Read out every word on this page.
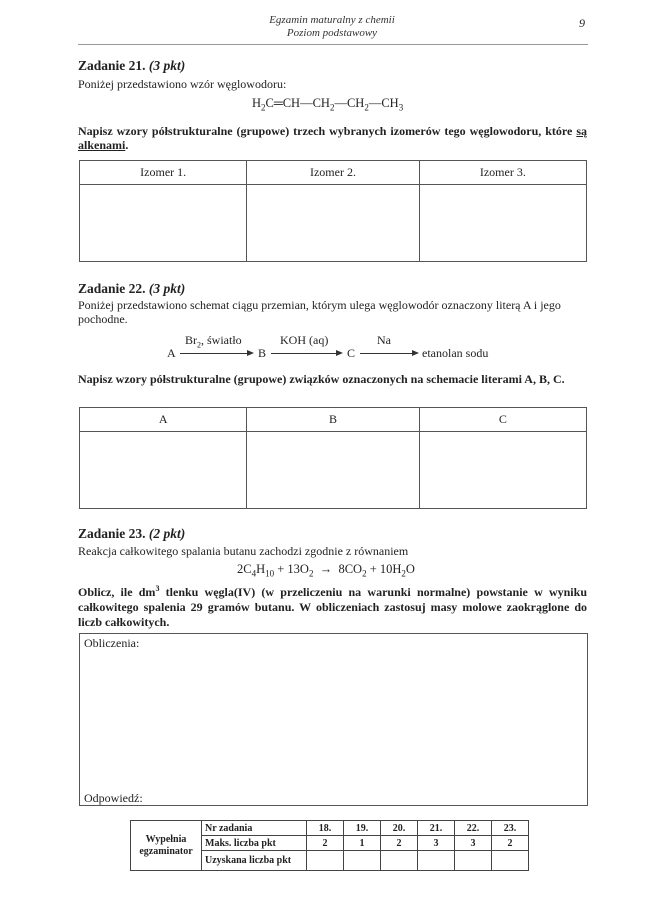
Egzamin maturalny z chemii
Poziom podstawowy
9
Zadanie 21. (3 pkt)
Poniżej przedstawiono wzór węglowodoru:
$H_2C═CH—CH_2—CH_2—CH_3$
Napisz wzory półstrukturalne (grupowe) trzech wybranych izomerów tego węglowodoru, które są alkenami.
Izomer 1.	Izomer 2.	Izomer 3.

Zadanie 22. (3 pkt)
Poniżej przedstawiono schemat ciągu przemian, którym ulega węglowodór oznaczony literą A i jego pochodne.
$Br_2$, światło	KOH (aq)	Na
A	B	C	etanolan sodu
Napisz wzory półstrukturalne (grupowe) związków oznaczonych na schemacie literami A, B, C.
A	B	C

Zadanie 23. (2 pkt)
Reakcja całkowitego spalania butanu zachodzi zgodnie z równaniem
$2C_4H_{10} + 13O_2 \to 8CO_2 + 10H_2O$
Oblicz, ile $dm^3$ tlenku węgla(IV) (w przeliczeniu na warunki normalne) powstanie w wyniku całkowitego spalenia 29 gramów butanu. W obliczeniach zastosuj masy molowe zaokrąglone do liczb całkowitych.
Obliczenia:
Odpowiedź:
Wypełnia egzaminator	Nr zadania	18.	19.	20.	21.	22.	23.
	Maks. liczba pkt	2	1	2	3	3	2
	Uzyskana liczba pkt						
